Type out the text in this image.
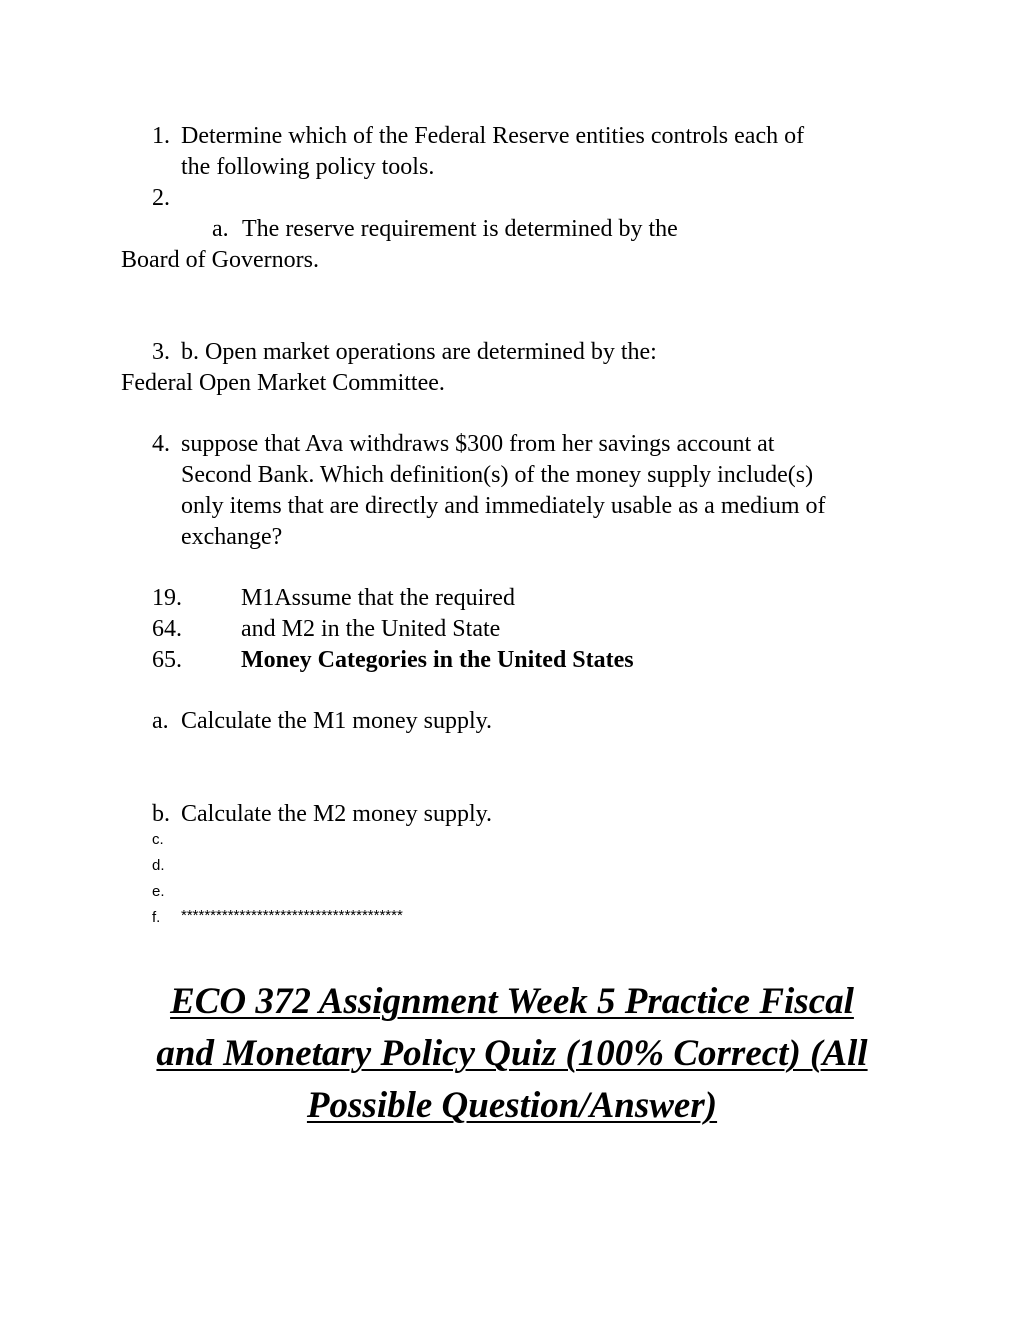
1. Determine which of the Federal Reserve entities controls each of
the following policy tools.
2.
a. The reserve requirement is determined by the
Board of Governors.
3. b. Open market operations are determined by the:
Federal Open Market Committee.
4. suppose that Ava withdraws $300 from her savings account at
Second Bank. Which definition(s) of the money supply include(s)
only items that are directly and immediately usable as a medium of
exchange?
19. M1Assume that the required
64. and M2 in the United State
65. Money Categories in the United States
a. Calculate the M1 money supply.
b. Calculate the M2 money supply.
c.
d.
e.
f. **************************************
ECO 372 Assignment Week 5 Practice Fiscal
and Monetary Policy Quiz (100% Correct) (All
Possible Question/Answer)
